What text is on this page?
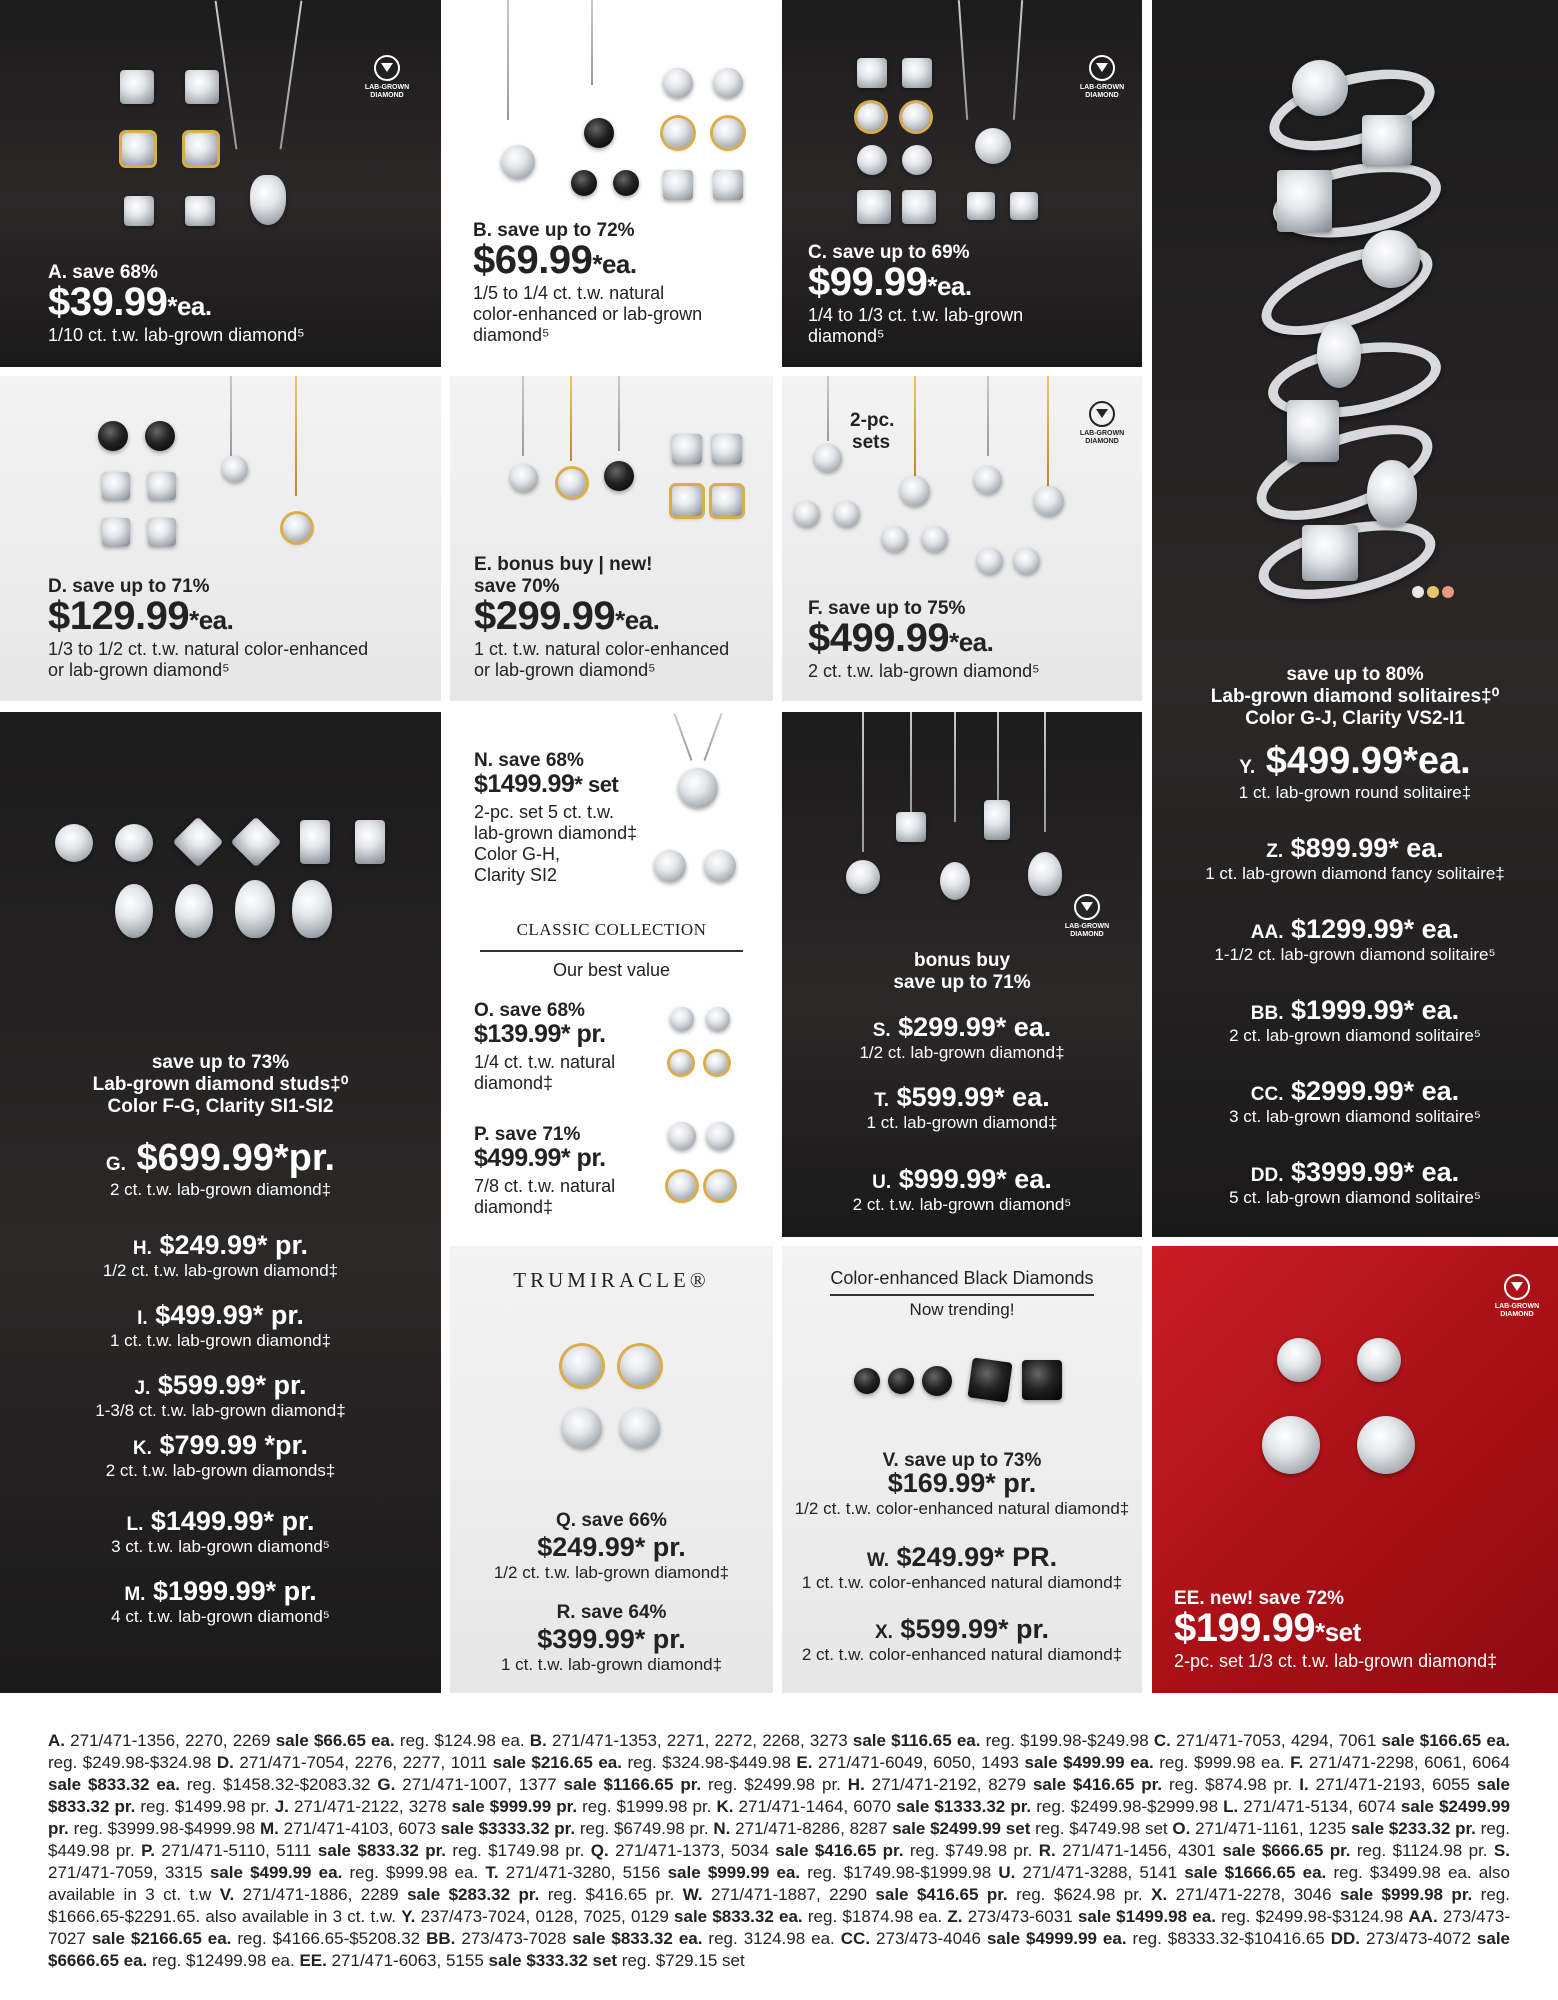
LAB-GROWN
DIAMOND
A. save 68%
$39.99*ea.
1/10 ct. t.w. lab-grown diamond⁵
B. save up to 72%
$69.99*ea.
1/5 to 1/4 ct. t.w. natural
color-enhanced or lab-grown
diamond⁵
LAB-GROWN
DIAMOND
C. save up to 69%
$99.99*ea.
1/4 to 1/3 ct. t.w. lab-grown
diamond⁵
save up to 80%
Lab-grown diamond solitaires‡⁰
Color G-J, Clarity VS2-I1
Y. $499.99*ea.
1 ct. lab-grown round solitaire‡
Z. $899.99* ea.
1 ct. lab-grown diamond fancy solitaire‡
AA. $1299.99* ea.
1-1/2 ct. lab-grown diamond solitaire⁵
BB. $1999.99* ea.
2 ct. lab-grown diamond solitaire⁵
CC. $2999.99* ea.
3 ct. lab-grown diamond solitaire⁵
DD. $3999.99* ea.
5 ct. lab-grown diamond solitaire⁵
D. save up to 71%
$129.99*ea.
1/3 to 1/2 ct. t.w. natural color-enhanced
or lab-grown diamond⁵
E. bonus buy | new!
save 70%
$299.99*ea.
1 ct. t.w. natural color-enhanced
or lab-grown diamond⁵
2-pc.
sets	LAB-GROWN
DIAMOND
F. save up to 75%
$499.99*ea.
2 ct. t.w. lab-grown diamond⁵
save up to 73%
Lab-grown diamond studs‡⁰
Color F-G, Clarity SI1-SI2
G. $699.99*pr.
2 ct. t.w. lab-grown diamond‡
H. $249.99* pr.
1/2 ct. t.w. lab-grown diamond‡
I. $499.99* pr.
1 ct. t.w. lab-grown diamond‡
J. $599.99* pr.
1-3/8 ct. t.w. lab-grown diamond‡
K. $799.99 *pr.
2 ct. t.w. lab-grown diamonds‡
L. $1499.99* pr.
3 ct. t.w. lab-grown diamond⁵
M. $1999.99* pr.
4 ct. t.w. lab-grown diamond⁵
N. save 68%
$1499.99* set
2-pc. set 5 ct. t.w.
lab-grown diamond‡
Color G-H,
Clarity SI2
CLASSIC COLLECTION
Our best value
O. save 68%
$139.99* pr.
1/4 ct. t.w. natural
diamond‡
P. save 71%
$499.99* pr.
7/8 ct. t.w. natural
diamond‡
LAB-GROWN
DIAMOND
bonus buy
save up to 71%
S. $299.99* ea.
1/2 ct. lab-grown diamond‡
T. $599.99* ea.
1 ct. lab-grown diamond‡
U. $999.99* ea.
2 ct. t.w. lab-grown diamond⁵
TRUMIRACLE®
Q. save 66%
$249.99* pr.
1/2 ct. t.w. lab-grown diamond‡
R. save 64%
$399.99* pr.
1 ct. t.w. lab-grown diamond‡
Color-enhanced Black Diamonds
Now trending!
V. save up to 73%
$169.99* pr.
1/2 ct. t.w. color-enhanced natural diamond‡
W. $249.99* PR.
1 ct. t.w. color-enhanced natural diamond‡
X. $599.99* pr.
2 ct. t.w. color-enhanced natural diamond‡
LAB-GROWN
DIAMOND
EE. new! save 72%
$199.99*set
2-pc. set 1/3 ct. t.w. lab-grown diamond‡
A. 271/471-1356, 2270, 2269 sale $66.65 ea. reg. $124.98 ea. B. 271/471-1353, 2271, 2272, 2268, 3273 sale $116.65 ea. reg. $199.98-$249.98 C. 271/471-7053, 4294, 7061 sale $166.65 ea. reg. $249.98-$324.98 D. 271/471-7054, 2276, 2277, 1011 sale $216.65 ea. reg. $324.98-$449.98 E. 271/471-6049, 6050, 1493 sale $499.99 ea. reg. $999.98 ea. F. 271/471-2298, 6061, 6064 sale $833.32 ea. reg. $1458.32-$2083.32 G. 271/471-1007, 1377 sale $1166.65 pr. reg. $2499.98 pr. H. 271/471-2192, 8279 sale $416.65 pr. reg. $874.98 pr. I. 271/471-2193, 6055 sale $833.32 pr. reg. $1499.98 pr. J. 271/471-2122, 3278 sale $999.99 pr. reg. $1999.98 pr. K. 271/471-1464, 6070 sale $1333.32 pr. reg. $2499.98-$2999.98 L. 271/471-5134, 6074 sale $2499.99 pr. reg. $3999.98-$4999.98 M. 271/471-4103, 6073 sale $3333.32 pr. reg. $6749.98 pr. N. 271/471-8286, 8287 sale $2499.99 set reg. $4749.98 set O. 271/471-1161, 1235 sale $233.32 pr. reg. $449.98 pr. P. 271/471-5110, 5111 sale $833.32 pr. reg. $1749.98 pr. Q. 271/471-1373, 5034 sale $416.65 pr. reg. $749.98 pr. R. 271/471-1456, 4301 sale $666.65 pr. reg. $1124.98 pr. S. 271/471-7059, 3315 sale $499.99 ea. reg. $999.98 ea. T. 271/471-3280, 5156 sale $999.99 ea. reg. $1749.98-$1999.98 U. 271/471-3288, 5141 sale $1666.65 ea. reg. $3499.98 ea. also available in 3 ct. t.w V. 271/471-1886, 2289 sale $283.32 pr. reg. $416.65 pr. W. 271/471-1887, 2290 sale $416.65 pr. reg. $624.98 pr. X. 271/471-2278, 3046 sale $999.98 pr. reg. $1666.65-$2291.65. also available in 3 ct. t.w. Y. 237/473-7024, 0128, 7025, 0129 sale $833.32 ea. reg. $1874.98 ea. Z. 273/473-6031 sale $1499.98 ea. reg. $2499.98-$3124.98 AA. 273/473-7027 sale $2166.65 ea. reg. $4166.65-$5208.32 BB. 273/473-7028 sale $833.32 ea. reg. 3124.98 ea. CC. 273/473-4046 sale $4999.99 ea. reg. $8333.32-$10416.65 DD. 273/473-4072 sale $6666.65 ea. reg. $12499.98 ea. EE. 271/471-6063, 5155 sale $333.32 set reg. $729.15 set
